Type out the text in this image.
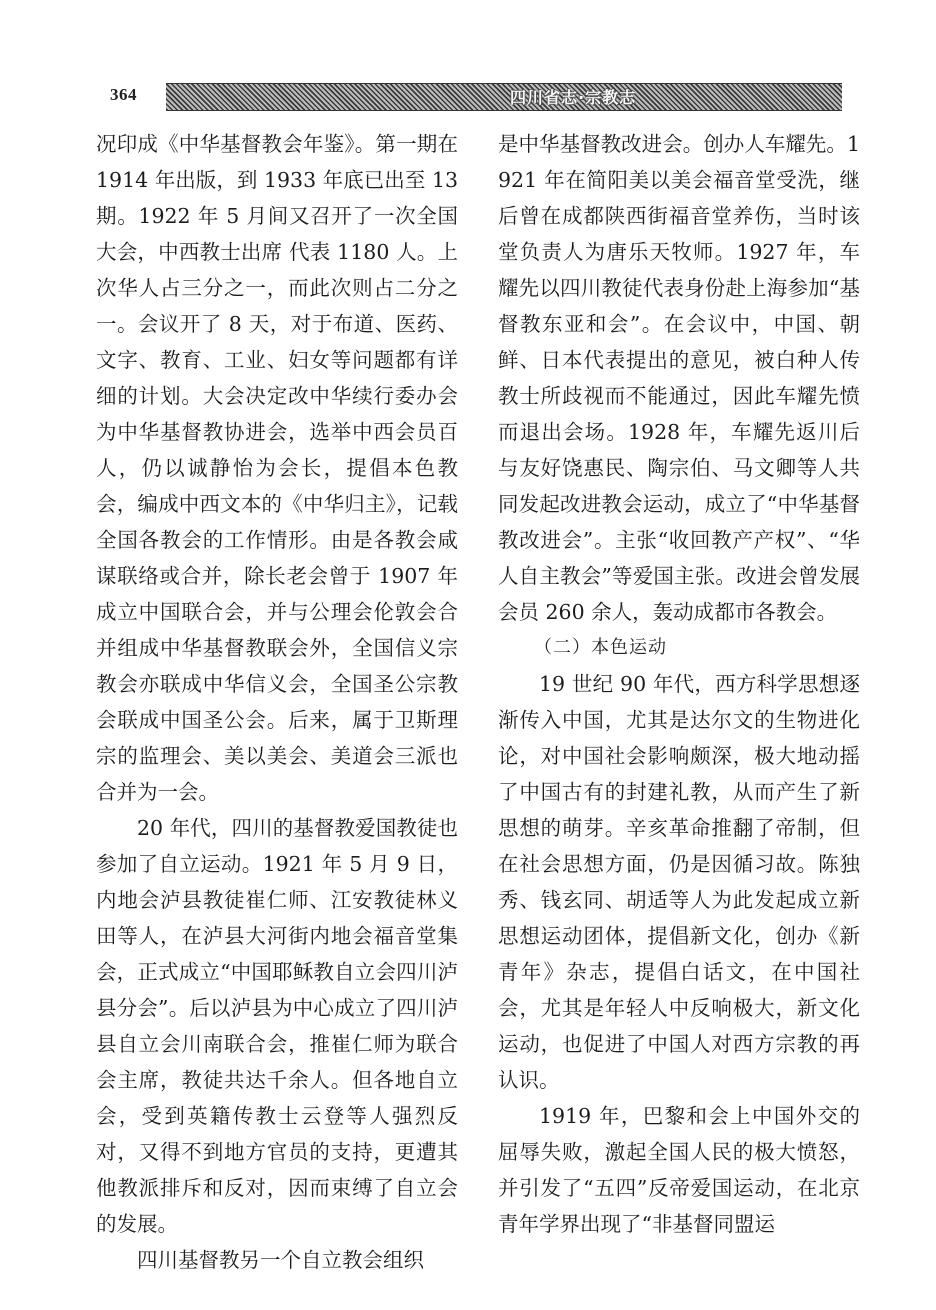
364	四川省志·宗教志

况印成《中华基督教会年鉴》。第一期在 1914 年出版，到 1933 年底已出至 13 期。1922 年 5 月间又召开了一次全国大会，中西教士出席 代表 1180 人。上次华人占三分之一，而此次则占二分之一。会议开了 8 天，对于布道、医药、文字、教育、工业、妇女等问题都有详细的计划。大会决定改中华续行委办会为中华基督教协进会，选举中西会员百人，仍以诚静怡为会长，提倡本色教会，编成中西文本的《中华归主》，记载全国各教会的工作情形。由是各教会咸谋联络或合并，除长老会曾于 1907 年成立中国联合会，并与公理会伦敦会合并组成中华基督教联会外，全国信义宗教会亦联成中华信义会，全国圣公宗教会联成中国圣公会。后来，属于卫斯理宗的监理会、美以美会、美道会三派也合并为一会。

20 年代，四川的基督教爱国教徒也参加了自立运动。1921 年 5 月 9 日，内地会泸县教徒崔仁师、江安教徒林义田等人，在泸县大河街内地会福音堂集会，正式成立“中国耶稣教自立会四川泸县分会”。后以泸县为中心成立了四川泸县自立会川南联合会，推崔仁师为联合会主席，教徒共达千余人。但各地自立会，受到英籍传教士云登等人强烈反对，又得不到地方官员的支持，更遭其他教派排斥和反对，因而束缚了自立会的发展。

四川基督教另一个自立教会组织

是中华基督教改进会。创办人车耀先。1921 年在简阳美以美会福音堂受洗，继后曾在成都陕西街福音堂养伤，当时该堂负责人为唐乐天牧师。1927 年，车耀先以四川教徒代表身份赴上海参加“基督教东亚和会”。在会议中，中国、朝鲜、日本代表提出的意见，被白种人传教士所歧视而不能通过，因此车耀先愤而退出会场。1928 年，车耀先返川后与友好饶惠民、陶宗伯、马文卿等人共同发起改进教会运动，成立了“中华基督教改进会”。主张“收回教产产权”、“华人自主教会”等爱国主张。改进会曾发展会员 260 余人，轰动成都市各教会。

（二）本色运动

19 世纪 90 年代，西方科学思想逐渐传入中国，尤其是达尔文的生物进化论，对中国社会影响颇深，极大地动摇了中国古有的封建礼教，从而产生了新思想的萌芽。辛亥革命推翻了帝制，但在社会思想方面，仍是因循习故。陈独秀、钱玄同、胡适等人为此发起成立新思想运动团体，提倡新文化，创办《新青年》杂志，提倡白话文，在中国社会，尤其是年轻人中反响极大，新文化运动，也促进了中国人对西方宗教的再认识。

1919 年，巴黎和会上中国外交的屈辱失败，激起全国人民的极大愤怒，并引发了“五四”反帝爱国运动，在北京青年学界出现了“非基督同盟运
